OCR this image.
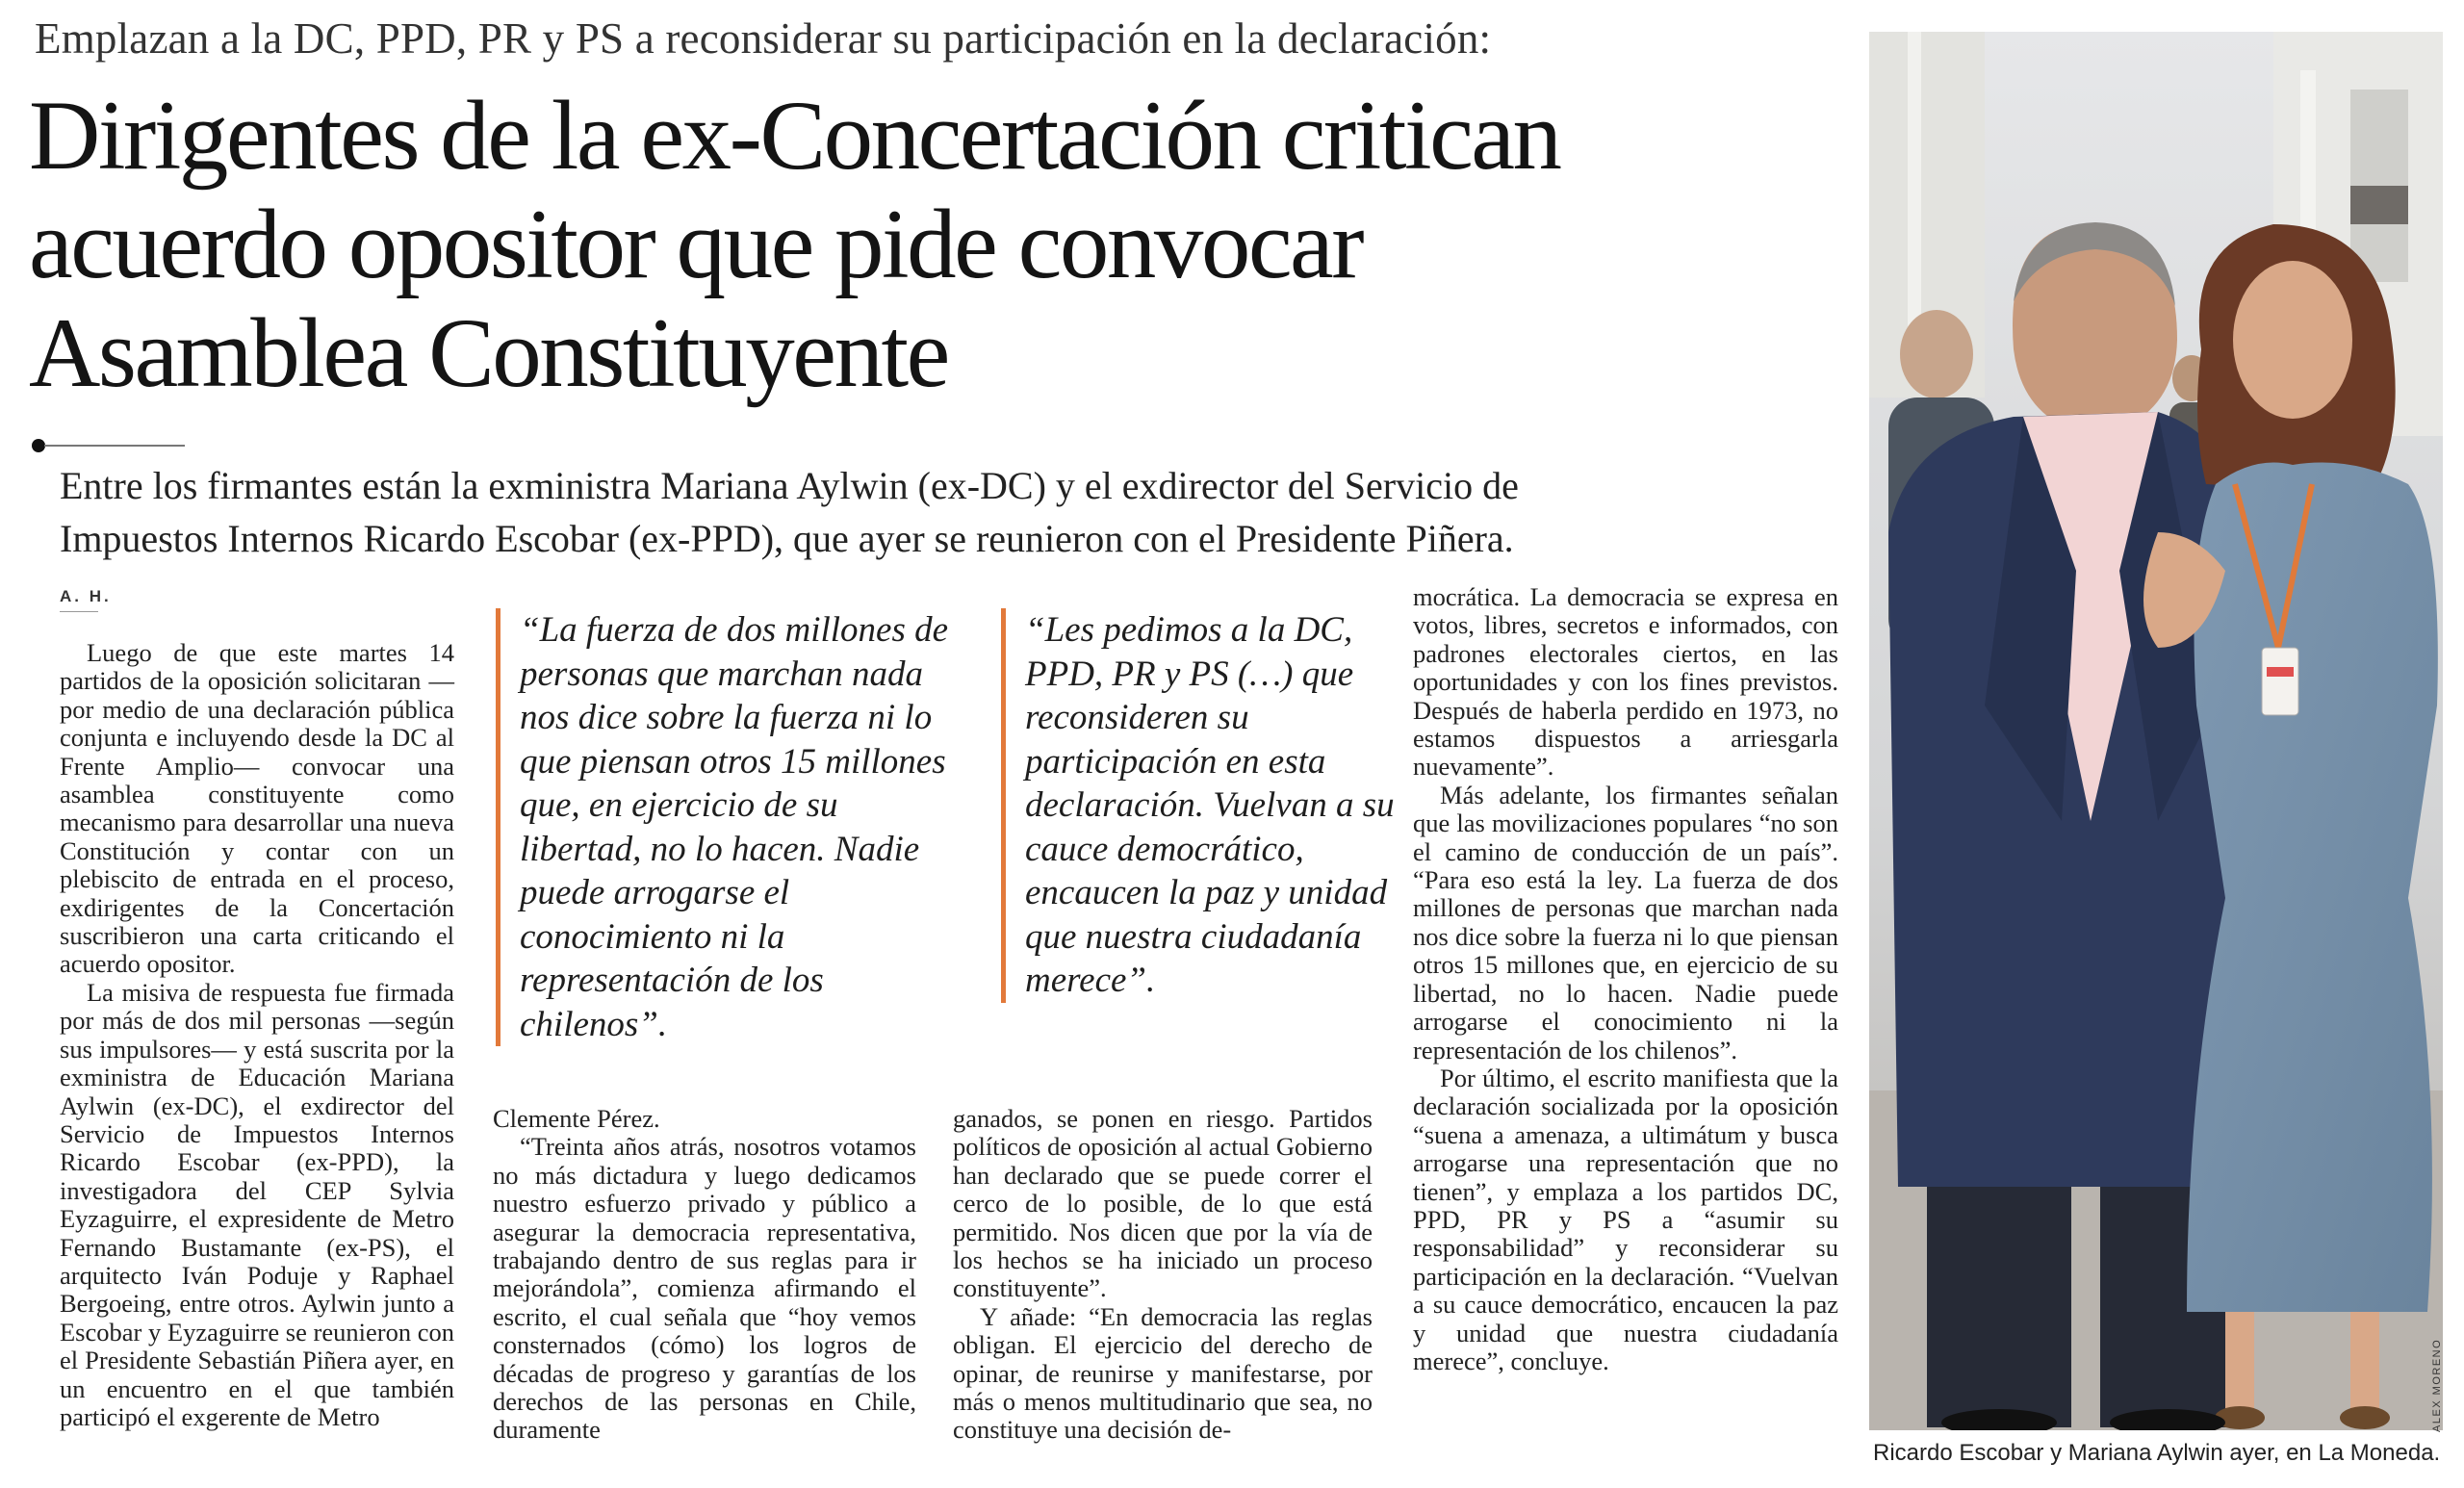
Emplazan a la DC, PPD, PR y PS a reconsiderar su participación en la declaración:
Dirigentes de la ex-Concertación critican
acuerdo opositor que pide convocar
Asamblea Constituyente
Entre los firmantes están la exministra Mariana Aylwin (ex-DC) y el exdirector del Servicio de
Impuestos Internos Ricardo Escobar (ex-PPD), que ayer se reunieron con el Presidente Piñera.
A. H.

Luego de que este martes 14 partidos de la oposición solicitaran —por medio de una declaración pública conjunta e incluyendo desde la DC al Frente Amplio— convocar una asamblea constituyente como mecanismo para desarrollar una nueva Constitución y contar con un plebiscito de entrada en el proceso, exdirigentes de la Concertación suscribieron una carta criticando el acuerdo opositor.

La misiva de respuesta fue firmada por más de dos mil personas —según sus impulsores— y está suscrita por la exministra de Educación Mariana Aylwin (ex-DC), el exdirector del Servicio de Impuestos Internos Ricardo Escobar (ex-PPD), la investigadora del CEP Sylvia Eyzaguirre, el expresidente de Metro Fernando Bustamante (ex-PS), el arquitecto Iván Poduje y Raphael Bergoeing, entre otros. Aylwin junto a Escobar y Eyzaguirre se reunieron con el Presidente Sebastián Piñera ayer, en un encuentro en el que también participó el exgerente de Metro

“La fuerza de dos millones de personas que marchan nada nos dice sobre la fuerza ni lo que piensan otros 15 millones que, en ejercicio de su libertad, no lo hacen. Nadie puede arrogarse el conocimiento ni la representación de los chilenos”.
“Les pedimos a la DC, PPD, PR y PS (…) que reconsideren su participación en esta declaración. Vuelvan a su cauce democrático, encaucen la paz y unidad que nuestra ciudadanía merece”.

Clemente Pérez.

“Treinta años atrás, nosotros votamos no más dictadura y luego dedicamos nuestro esfuerzo privado y público a asegurar la democracia representativa, trabajando dentro de sus reglas para ir mejorándola”, comienza afirmando el escrito, el cual señala que “hoy vemos consternados (cómo) los logros de décadas de progreso y garantías de los derechos de las personas en Chile, duramente

ganados, se ponen en riesgo. Partidos políticos de oposición al actual Gobierno han declarado que se puede correr el cerco de lo posible, de lo que está permitido. Nos dicen que por la vía de los hechos se ha iniciado un proceso constituyente”.

Y añade: “En democracia las reglas obligan. El ejercicio del derecho de opinar, de reunirse y manifestarse, por más o menos multitudinario que sea, no constituye una decisión de-

mocrática. La democracia se expresa en votos, libres, secretos e informados, con padrones electorales ciertos, en las oportunidades y con los fines previstos. Después de haberla perdido en 1973, no estamos dispuestos a arriesgarla nuevamente”.

Más adelante, los firmantes señalan que las movilizaciones populares “no son el camino de conducción de un país”. “Para eso está la ley. La fuerza de dos millones de personas que marchan nada nos dice sobre la fuerza ni lo que piensan otros 15 millones que, en ejercicio de su libertad, no lo hacen. Nadie puede arrogarse el conocimiento ni la representación de los chilenos”.

Por último, el escrito manifiesta que la declaración socializada por la oposición “suena a amenaza, a ultimátum y busca arrogarse una representación que no tienen”, y emplaza a los partidos DC, PPD, PR y PS a “asumir su responsabilidad” y reconsiderar su participación en la declaración. “Vuelvan a su cauce democrático, encaucen la paz y unidad que nuestra ciudadanía merece”, concluye.	ALEX MORENO
Ricardo Escobar y Mariana Aylwin ayer, en La Moneda.
